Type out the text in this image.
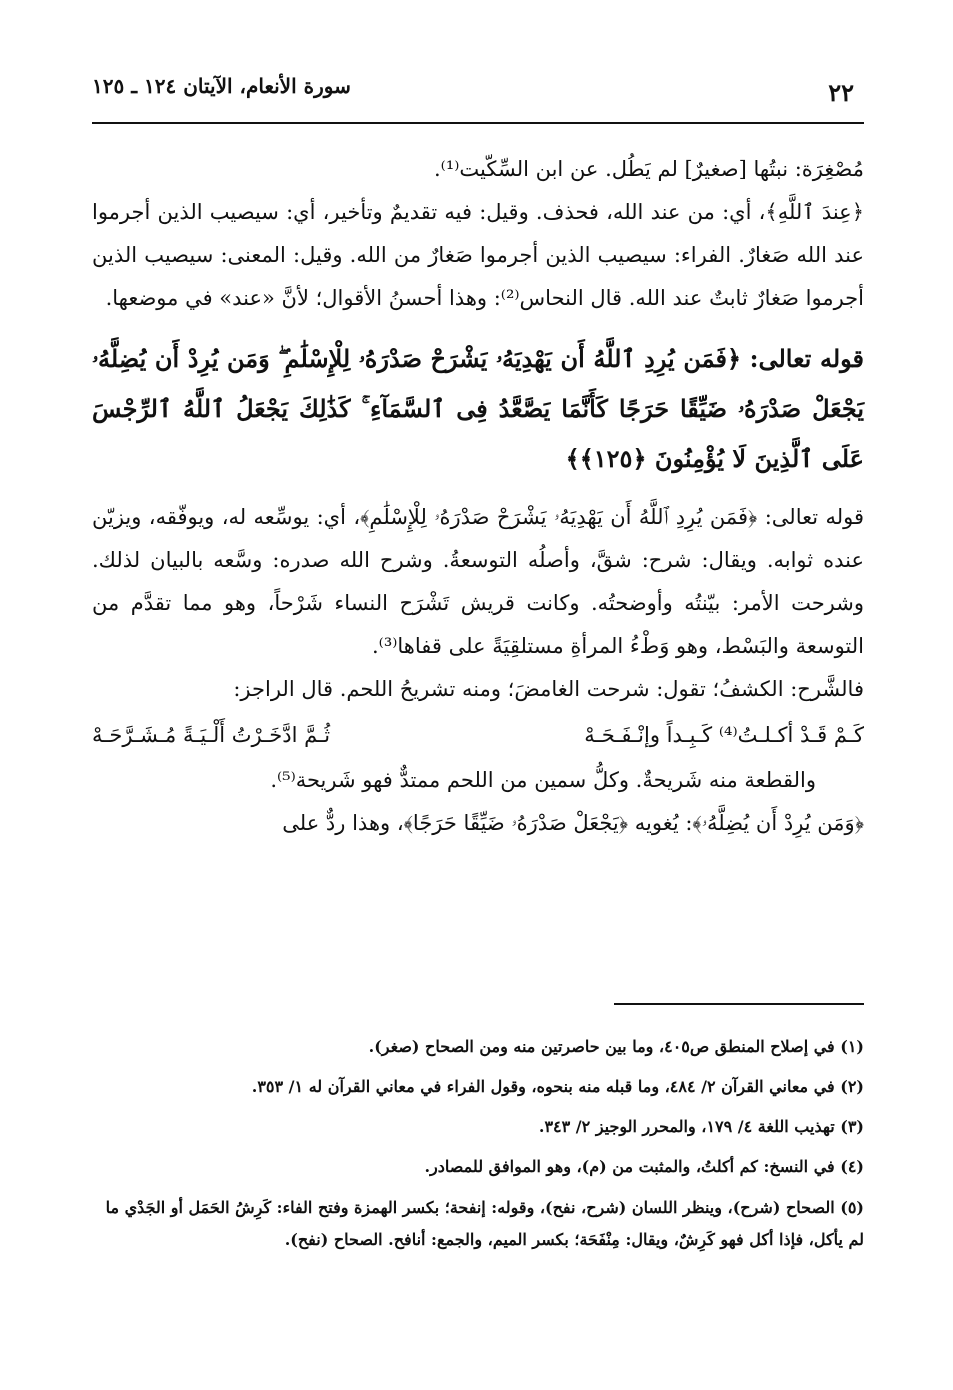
٢٢
سورة الأنعام، الآيتان ١٢٤ ـ ١٢٥

مُصْغِرَة: نبتُها [صغيرٌ] لم يَطُل. عن ابن السِّكّيت⁽¹⁾.

﴿عِندَ ٱللَّهِ﴾، أي: من عند الله، فحذف. وقيل: فيه تقديمٌ وتأخير، أي: سيصيب الذين أجرموا عند الله صَغارٌ. الفراء: سيصيب الذين أجرموا صَغارٌ من الله. وقيل: المعنى: سيصيب الذين أجرموا صَغارٌ ثابتٌ عند الله. قال النحاس⁽²⁾: وهذا أحسنُ الأقوال؛ لأنَّ «عند» في موضعها.

قوله تعالى: ﴿فَمَن يُرِدِ ٱللَّهُ أَن يَهْدِيَهُۥ يَشْرَحْ صَدْرَهُۥ لِلْإِسْلَٰمِ ۖ وَمَن يُرِدْ أَن يُضِلَّهُۥ يَجْعَلْ صَدْرَهُۥ ضَيِّقًا حَرَجًا كَأَنَّمَا يَصَّعَّدُ فِى ٱلسَّمَآءِ ۚ كَذَٰلِكَ يَجْعَلُ ٱللَّهُ ٱلرِّجْسَ عَلَى ٱلَّذِينَ لَا يُؤْمِنُونَ ﴿١٢٥﴾﴾

قوله تعالى: ﴿فَمَن يُرِدِ ٱللَّهُ أَن يَهْدِيَهُۥ يَشْرَحْ صَدْرَهُۥ لِلْإِسْلَٰمِ﴾، أي: يوسِّعه له، ويوفّقه، ويزيّن عنده ثوابه. ويقال: شرح: شقَّ، وأصلُه التوسعةُ. وشرح الله صدره: وسَّعه بالبيان لذلك. وشرحت الأمر: بيّنتُه وأوضحتُه. وكانت قريش تَشْرَح النساء شَرْحاً، وهو مما تقدَّم من التوسعة والبَسْط، وهو وَطْءُ المرأةِ مستلقِيَةً على قفاها⁽³⁾.

فالشَّرح: الكشفُ؛ تقول: شرحت الغامضَ؛ ومنه تشريحُ اللحم. قال الراجز:

كَـمْ قَـدْ أكـلـتُ⁽⁴⁾ كَـبِـداً وإنْـفَـحَـهْ
ثُـمَّ ادَّخَـرْتُ أَلْـيَـةً مُـشَـرَّحَـهْ

والقطعة منه شَريحةٌ. وكلُّ سمين من اللحم ممتدٌّ فهو شَريحة⁽⁵⁾.

﴿وَمَن يُرِدْ أَن يُضِلَّهُۥ﴾: يُغويه ﴿يَجْعَلْ صَدْرَهُۥ ضَيِّقًا حَرَجًا﴾، وهذا ردٌّ على

(١) في إصلاح المنطق ص٤٠٥، وما بين حاصرتين منه ومن الصحاح (صغر).

(٢) في معاني القرآن ٢/ ٤٨٤، وما قبله منه بنحوه، وقول الفراء في معاني القرآن له ١/ ٣٥٣.

(٣) تهذيب اللغة ٤/ ١٧٩، والمحرر الوجيز ٢/ ٣٤٣.

(٤) في النسخ: كم أكلتُ، والمثبت من (م)، وهو الموافق للمصادر.

(٥) الصحاح (شرح)، وينظر اللسان (شرح، نفح)، وقوله: إنفحة؛ بكسر الهمزة وفتح الفاء: كَرِشُ الحَمَل أو الجَدْي ما لم يأكل، فإذا أكل فهو كَرِشٌ، ويقال: مِنْفَحَة؛ بكسر الميم، والجمع: أنافح. الصحاح (نفح).
